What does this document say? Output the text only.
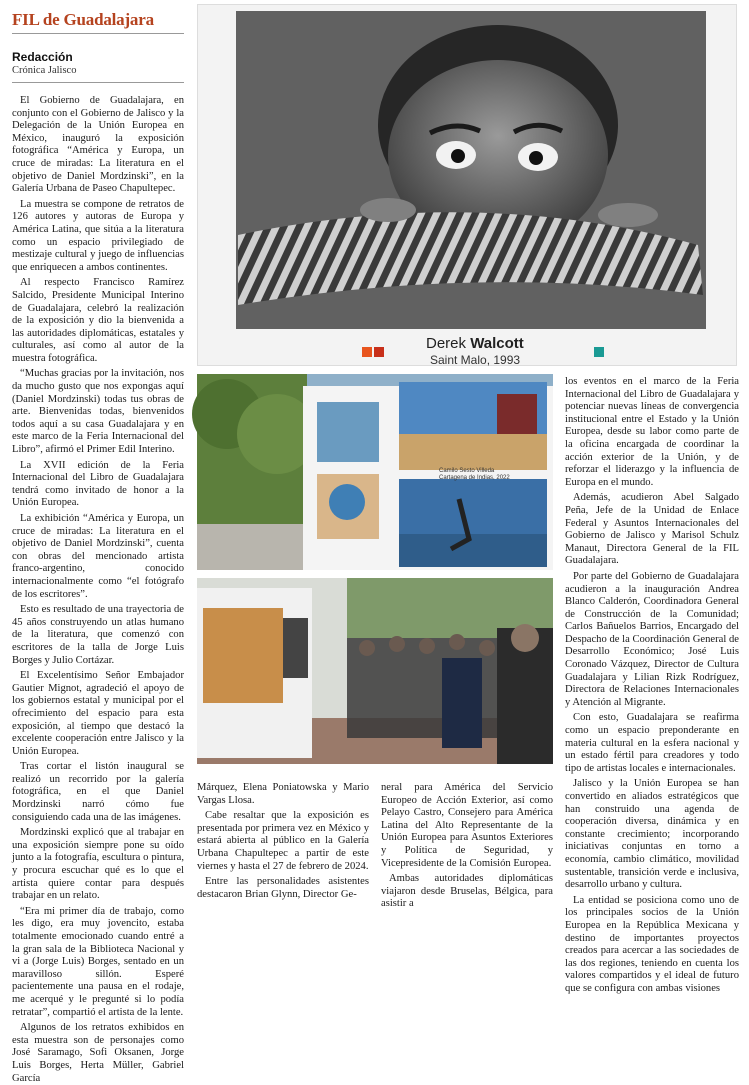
FIL de Guadalajara
Redacción
Crónica Jalisco

El Gobierno de Guadalajara, en conjunto con el Gobierno de Jalisco y la Delegación de la Unión Europea en México, inauguró la exposición fotográfica “América y Europa, un cruce de miradas: La literatura en el objetivo de Daniel Mordzinski”, en la Galería Urbana de Paseo Chapultepec.

La muestra se compone de retratos de 126 autores y autoras de Europa y América Latina, que sitúa a la literatura como un espacio privilegiado de mestizaje cultural y juego de influencias que enriquecen a ambos continentes.

Al respecto Francisco Ramírez Salcido, Presidente Municipal Interino de Guadalajara, celebró la realización de la exposición y dio la bienvenida a las autoridades diplomáticas, estatales y culturales, así como al autor de la muestra fotográfica.

“Muchas gracias por la invitación, nos da mucho gusto que nos expongas aquí (Daniel Mordzinski) todas tus obras de arte. Bienvenidas todas, bienvenidos todos aquí a su casa Guadalajara y en este marco de la Feria Internacional del Libro”, afirmó el Primer Edil Interino.

La XVII edición de la Feria Internacional del Libro de Guadalajara tendrá como invitado de honor a la Unión Europea.

La exhibición “América y Europa, un cruce de miradas: La literatura en el objetivo de Daniel Mordzinski”, cuenta con obras del mencionado artista franco-argentino, conocido internacionalmente como “el fotógrafo de los escritores”.

Esto es resultado de una trayectoria de 45 años construyendo un atlas humano de la literatura, que comenzó con escritores de la talla de Jorge Luis Borges y Julio Cortázar.

El Excelentísimo Señor Embajador Gautier Mignot, agradeció el apoyo de los gobiernos estatal y municipal por el ofrecimiento del espacio para esta exposición, al tiempo que destacó la excelente cooperación entre Jalisco y la Unión Europea.

Tras cortar el listón inaugural se realizó un recorrido por la galería fotográfica, en el que Daniel Mordzinski narró cómo fue consiguiendo cada una de las imágenes.

Mordzinski explicó que al trabajar en una exposición siempre pone su oído junto a la fotografía, escultura o pintura, y procura escuchar qué es lo que el artista quiere contar para después trabajar en un relato.

“Era mi primer día de trabajo, como les digo, era muy jovencito, estaba totalmente emocionado cuando entré a la gran sala de la Biblioteca Nacional y vi a (Jorge Luis) Borges, sentado en un maravilloso sillón. Esperé pacientemente una pausa en el rodaje, me acerqué y le pregunté si lo podía retratar”, compartió el artista de la lente.

Algunos de los retratos exhibidos en esta muestra son de personajes como José Saramago, Sofi Oksanen, Jorge Luis Borges, Herta Müller, Gabriel García

Derek Walcott
Saint Malo, 1993
Camilo Sesto Villeda
Cartagena de Indias, 2022

Márquez, Elena Poniatowska y Mario Vargas Llosa.

Cabe resaltar que la exposición es presentada por primera vez en México y estará abierta al público en la Galería Urbana Chapultepec a partir de este viernes y hasta el 27 de febrero de 2024.

Entre las personalidades asistentes destacaron Brian Glynn, Director Ge-

neral para América del Servicio Europeo de Acción Exterior, así como Pelayo Castro, Consejero para América Latina del Alto Representante de la Unión Europea para Asuntos Exteriores y Política de Seguridad, y Vicepresidente de la Comisión Europea.

Ambas autoridades diplomáticas viajaron desde Bruselas, Bélgica, para asistir a

los eventos en el marco de la Feria Internacional del Libro de Guadalajara y potenciar nuevas líneas de convergencia institucional entre el Estado y la Unión Europea, desde su labor como parte de la oficina encargada de coordinar la acción exterior de la Unión, y de reforzar el liderazgo y la influencia de Europa en el mundo.

Además, acudieron Abel Salgado Peña, Jefe de la Unidad de Enlace Federal y Asuntos Internacionales del Gobierno de Jalisco y Marisol Schulz Manaut, Directora General de la FIL Guadalajara.

Por parte del Gobierno de Guadalajara acudieron a la inauguración Andrea Blanco Calderón, Coordinadora General de Construcción de la Comunidad; Carlos Bañuelos Barrios, Encargado del Despacho de la Coordinación General de Desarrollo Económico; José Luis Coronado Vázquez, Director de Cultura Guadalajara y Lilian Rizk Rodríguez, Directora de Relaciones Internacionales y Atención al Migrante.

Con esto, Guadalajara se reafirma como un espacio preponderante en materia cultural en la esfera nacional y un estado fértil para creadores y todo tipo de artistas locales e internacionales.

Jalisco y la Unión Europea se han convertido en aliados estratégicos que han construido una agenda de cooperación diversa, dinámica y en constante crecimiento; incorporando iniciativas conjuntas en torno a economía, cambio climático, movilidad sustentable, transición verde e inclusiva, desarrollo urbano y cultura.

La entidad se posiciona como uno de los principales socios de la Unión Europea en la República Mexicana y destino de importantes proyectos creados para acercar a las sociedades de las dos regiones, teniendo en cuenta los valores compartidos y el ideal de futuro que se configura con ambas visiones
